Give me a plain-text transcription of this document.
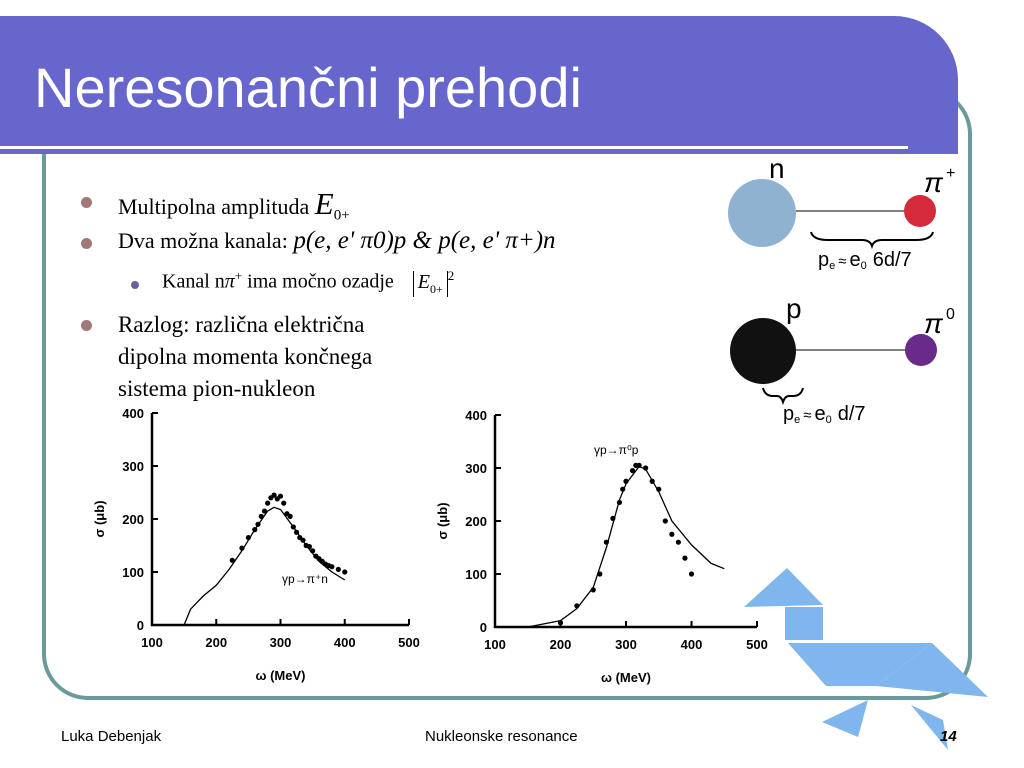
Neresonančni prehodi
Multipolna amplituda $E_{0+}$
Dva možna kanala: p(e, e' π0)p & p(e, e' π+)n
Kanal nπ+ ima močno ozadje $E_{0+}^2$
Razlog: različna električna
dipolna momenta končnega
sistema pion-nukleon
n	π +
pe ≈ e0 6d/7
p	π 0
pe ≈ e0 d/7
100	200	300	400	500
0
100
200
300
400
ω (MeV)
σ (μb)
γp→π⁺n
100	200	300	400	500
0
100
200
300
400
ω (MeV)
σ (μb)
γp→π⁰p
Luka Debenjak	Nukleonske resonance	14
